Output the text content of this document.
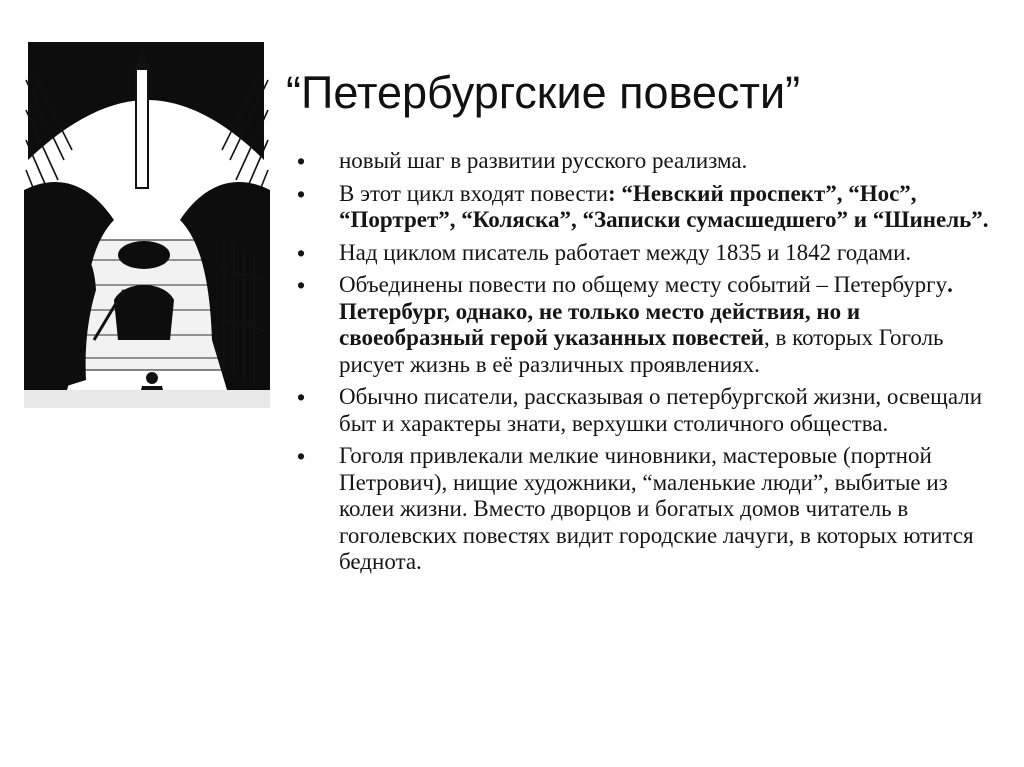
“Петербургские повести”
• новый шаг в развитии русского реализма.
• В этот цикл входят повести: “Невский проспект”, “Нос”, “Портрет”, “Коляска”, “Записки сумасшедшего” и “Шинель”.
• Над циклом писатель работает между 1835 и 1842 годами.
• Объединены повести по общему месту событий – Петербургу. Петербург, однако, не только место действия, но и своеобразный герой указанных повестей, в которых Гоголь рисует жизнь в её различных проявлениях.
• Обычно писатели, рассказывая о петербургской жизни, освещали быт и характеры знати, верхушки столичного общества.
• Гоголя привлекали мелкие чиновники, мастеровые (портной Петрович), нищие художники, “маленькие люди”, выбитые из колеи жизни. Вместо дворцов и богатых домов читатель в гоголевских повестях видит городские лачуги, в которых ютится беднота.
